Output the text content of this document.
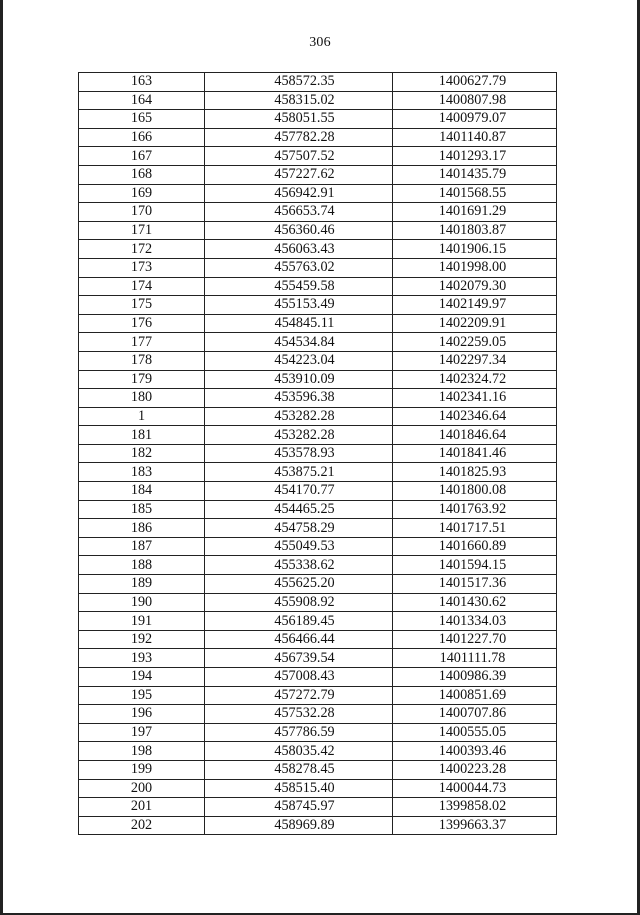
306
163	458572.35	1400627.79
164	458315.02	1400807.98
165	458051.55	1400979.07
166	457782.28	1401140.87
167	457507.52	1401293.17
168	457227.62	1401435.79
169	456942.91	1401568.55
170	456653.74	1401691.29
171	456360.46	1401803.87
172	456063.43	1401906.15
173	455763.02	1401998.00
174	455459.58	1402079.30
175	455153.49	1402149.97
176	454845.11	1402209.91
177	454534.84	1402259.05
178	454223.04	1402297.34
179	453910.09	1402324.72
180	453596.38	1402341.16
1	453282.28	1402346.64
181	453282.28	1401846.64
182	453578.93	1401841.46
183	453875.21	1401825.93
184	454170.77	1401800.08
185	454465.25	1401763.92
186	454758.29	1401717.51
187	455049.53	1401660.89
188	455338.62	1401594.15
189	455625.20	1401517.36
190	455908.92	1401430.62
191	456189.45	1401334.03
192	456466.44	1401227.70
193	456739.54	1401111.78
194	457008.43	1400986.39
195	457272.79	1400851.69
196	457532.28	1400707.86
197	457786.59	1400555.05
198	458035.42	1400393.46
199	458278.45	1400223.28
200	458515.40	1400044.73
201	458745.97	1399858.02
202	458969.89	1399663.37
